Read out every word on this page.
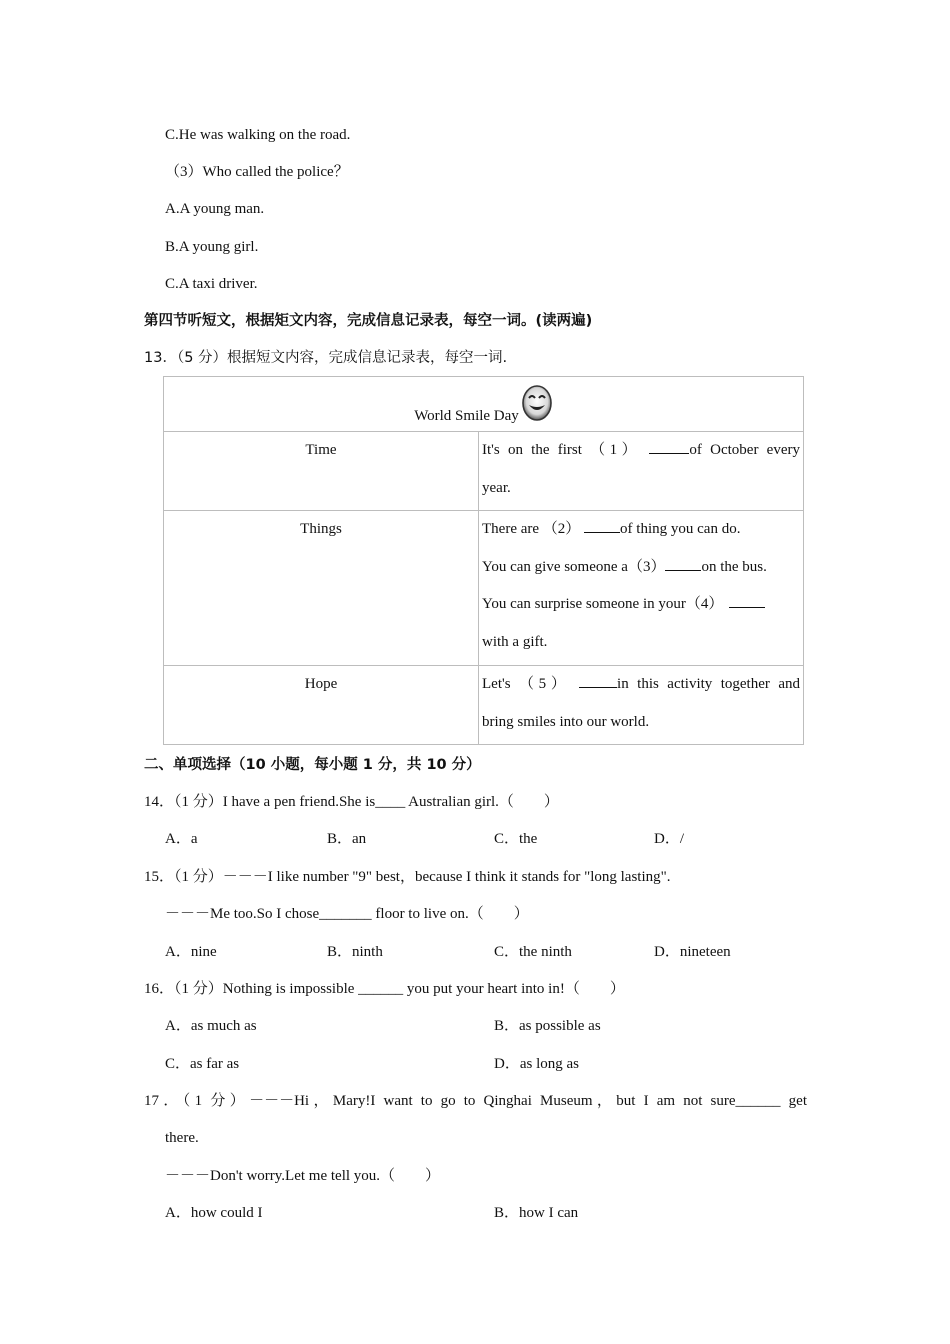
C.He was walking on the road.
（3）Who called the police？
A.A young man.
B.A young girl.
C.A taxi driver.
第四节听短文，根据矩文内容，完成信息记录表，每空一词。(读两遍)
13．（5 分）根据短文内容，完成信息记录表，每空一词.
World Smile Day	

Time	It's on the first （1） of October every
year.

Things	There are （2） of thing you can do.
You can give someone a（3） on the bus.
You can surprise someone in your（4）
with a gift.

Hope	Let's （5） in this activity together and
bring smiles into our world.
二、单项选择（10 小题，每小题 1 分，共 10 分）
14．（1 分）I have a pen friend.She is____ Australian girl.（　　）
A．a	B．an	C．the	D．/
15．（1 分）－－－I like number "9" best，because I think it stands for "long lasting".
－－－Me too.So I chose_______ floor to live on.（　　）
A．nine	B．ninth	C．the ninth	D．nineteen
16．（1 分）Nothing is impossible ______ you put your heart into in!（　　）
A．as much as	B．as possible as
C．as far as	D．as long as
17．（1 分）－－－Hi，Mary!I want to go to Qinghai Museum，but I am not sure______ get
there.
－－－Don't worry.Let me tell you.（　　）
A．how could I	B．how I can
